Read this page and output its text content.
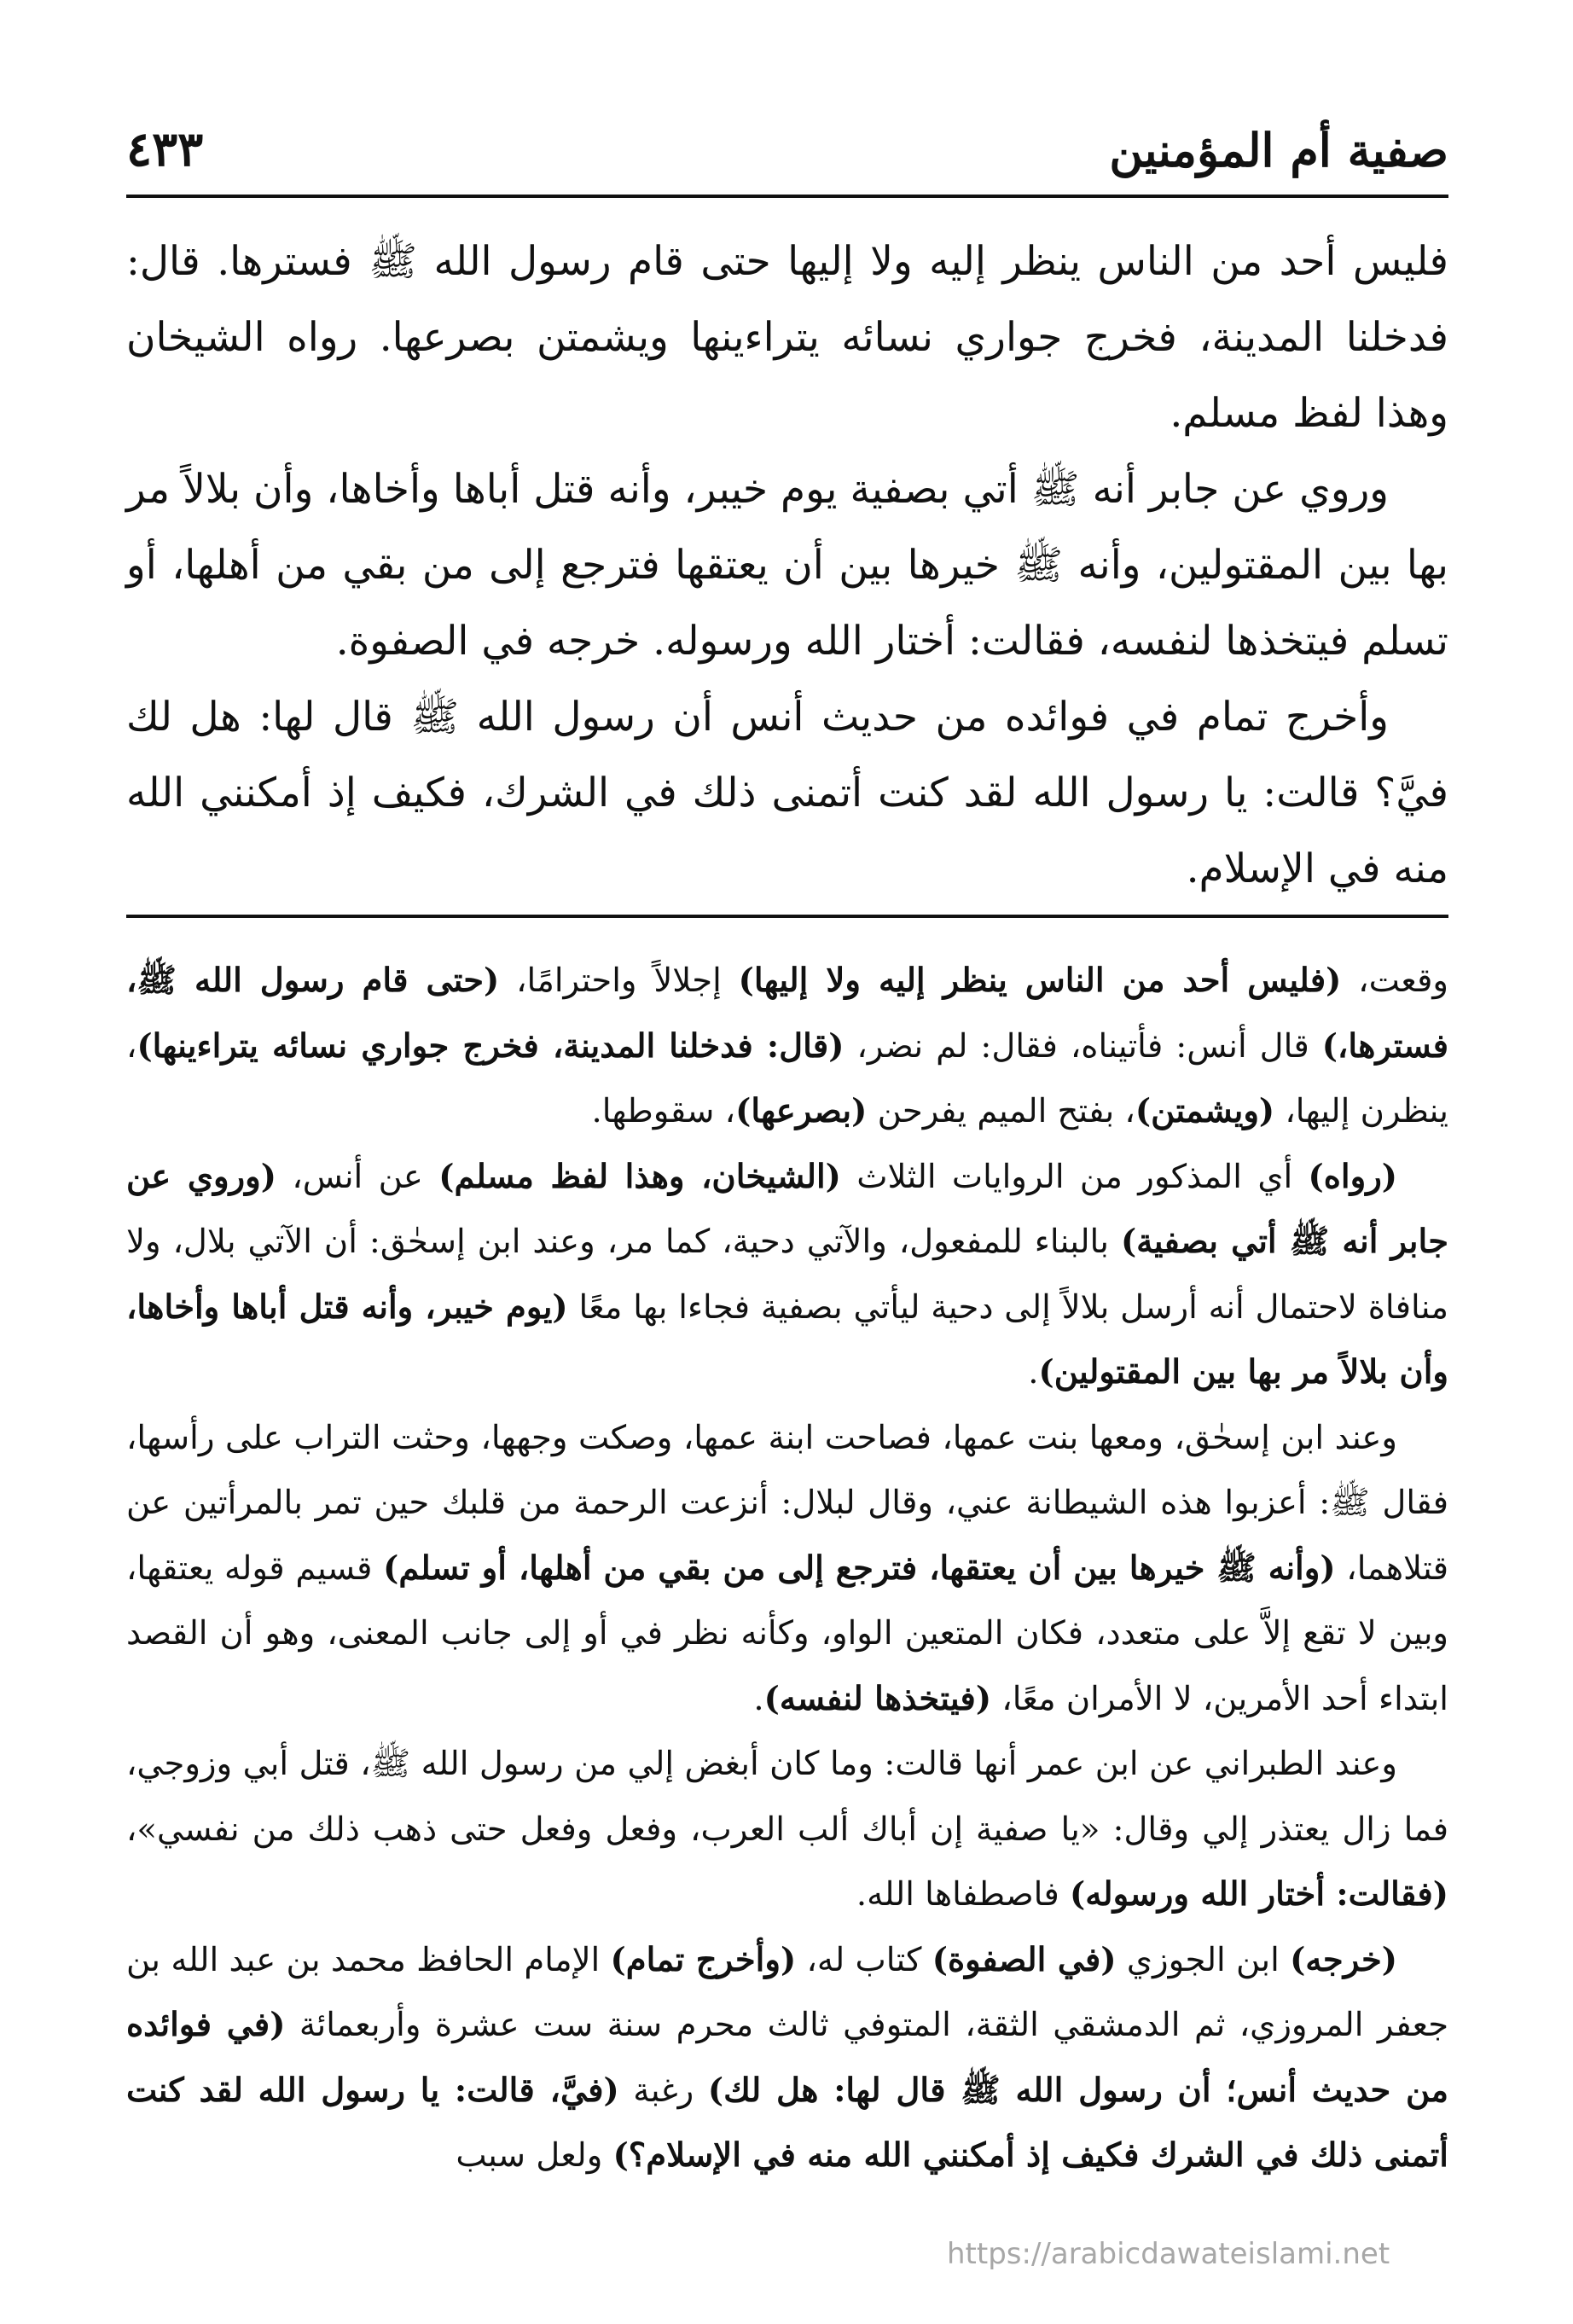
صفية أم المؤمنين
٤٣٣

فليس أحد من الناس ينظر إليه ولا إليها حتى قام رسول الله ﷺ فسترها. قال: فدخلنا المدينة، فخرج جواري نسائه يتراءينها ويشمتن بصرعها. رواه الشيخان وهذا لفظ مسلم.

وروي عن جابر أنه ﷺ أتي بصفية يوم خيبر، وأنه قتل أباها وأخاها، وأن بلالاً مر بها بين المقتولين، وأنه ﷺ خيرها بين أن يعتقها فترجع إلى من بقي من أهلها، أو تسلم فيتخذها لنفسه، فقالت: أختار الله ورسوله. خرجه في الصفوة.

وأخرج تمام في فوائده من حديث أنس أن رسول الله ﷺ قال لها: هل لك فيَّ؟ قالت: يا رسول الله لقد كنت أتمنى ذلك في الشرك، فكيف إذ أمكنني الله منه في الإسلام.

وقعت، (فليس أحد من الناس ينظر إليه ولا إليها) إجلالاً واحترامًا، (حتى قام رسول الله ﷺ، فسترها،) قال أنس: فأتيناه، فقال: لم نضر، (قال: فدخلنا المدينة، فخرج جواري نسائه يتراءينها)، ينظرن إليها، (ويشمتن)، بفتح الميم يفرحن (بصرعها)، سقوطها.

(رواه) أي المذكور من الروايات الثلاث (الشيخان، وهذا لفظ مسلم) عن أنس، (وروي عن جابر أنه ﷺ أتي بصفية) بالبناء للمفعول، والآتي دحية، كما مر، وعند ابن إسحٰق: أن الآتي بلال، ولا منافاة لاحتمال أنه أرسل بلالاً إلى دحية ليأتي بصفية فجاءا بها معًا (يوم خيبر، وأنه قتل أباها وأخاها، وأن بلالاً مر بها بين المقتولين).

وعند ابن إسحٰق، ومعها بنت عمها، فصاحت ابنة عمها، وصكت وجهها، وحثت التراب على رأسها، فقال ﷺ: أعزبوا هذه الشيطانة عني، وقال لبلال: أنزعت الرحمة من قلبك حين تمر بالمرأتين عن قتلاهما، (وأنه ﷺ خيرها بين أن يعتقها، فترجع إلى من بقي من أهلها، أو تسلم) قسيم قوله يعتقها، وبين لا تقع إلاَّ على متعدد، فكان المتعين الواو، وكأنه نظر في أو إلى جانب المعنى، وهو أن القصد ابتداء أحد الأمرين، لا الأمران معًا، (فيتخذها لنفسه).

وعند الطبراني عن ابن عمر أنها قالت: وما كان أبغض إلي من رسول الله ﷺ، قتل أبي وزوجي، فما زال يعتذر إلي وقال: «يا صفية إن أباك ألب العرب، وفعل وفعل حتى ذهب ذلك من نفسي»، (فقالت: أختار الله ورسوله) فاصطفاها الله.

(خرجه) ابن الجوزي (في الصفوة) كتاب له، (وأخرج تمام) الإمام الحافظ محمد بن عبد الله بن جعفر المروزي، ثم الدمشقي الثقة، المتوفي ثالث محرم سنة ست عشرة وأربعمائة (في فوائده من حديث أنس؛ أن رسول الله ﷺ قال لها: هل لك) رغبة (فيَّ، قالت: يا رسول الله لقد كنت أتمنى ذلك في الشرك فكيف إذ أمكنني الله منه في الإسلام؟) ولعل سبب

https://arabicdawateislami.net
